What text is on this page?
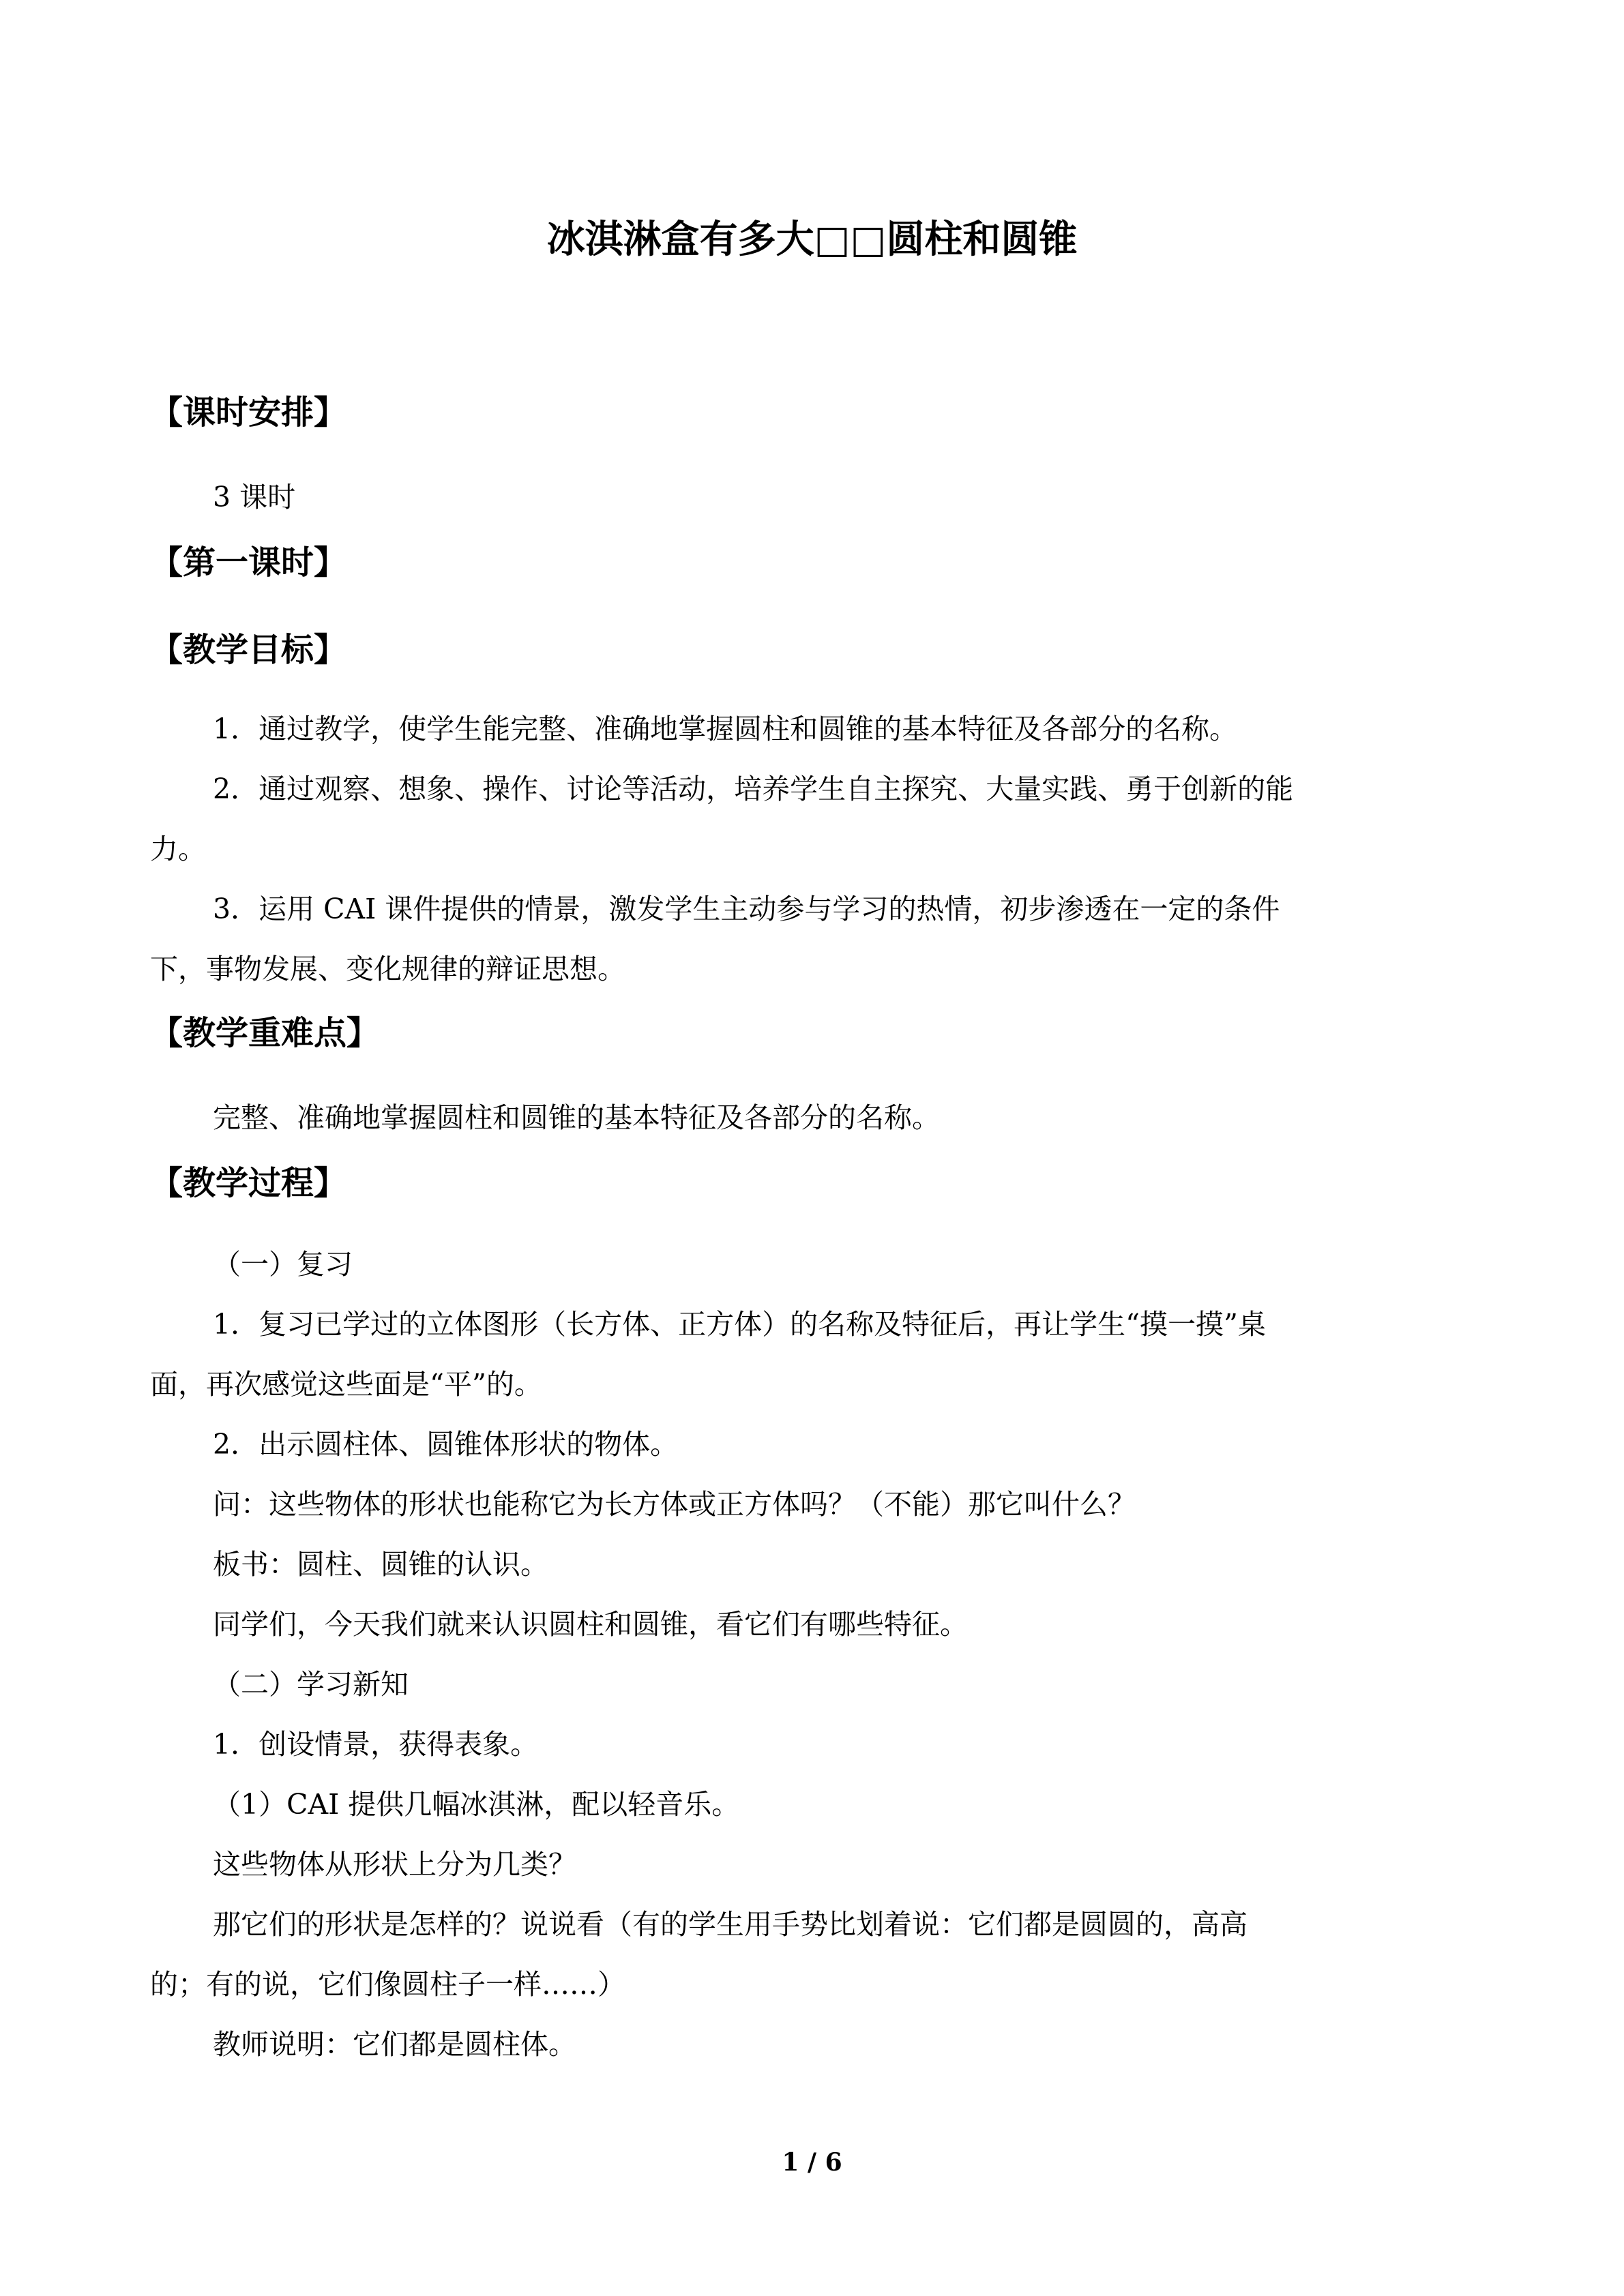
冰淇淋盒有多大□□圆柱和圆锥
【课时安排】
3 课时
【第一课时】
【教学目标】
1．通过教学，使学生能完整、准确地掌握圆柱和圆锥的基本特征及各部分的名称。
2．通过观察、想象、操作、讨论等活动，培养学生自主探究、大量实践、勇于创新的能
力。
3．运用 CAI 课件提供的情景，激发学生主动参与学习的热情，初步渗透在一定的条件
下，事物发展、变化规律的辩证思想。
【教学重难点】
完整、准确地掌握圆柱和圆锥的基本特征及各部分的名称。
【教学过程】
（一）复习
1．复习已学过的立体图形（长方体、正方体）的名称及特征后，再让学生“摸一摸”桌
面，再次感觉这些面是“平”的。
2．出示圆柱体、圆锥体形状的物体。
问：这些物体的形状也能称它为长方体或正方体吗？（不能）那它叫什么？
板书：圆柱、圆锥的认识。
同学们，今天我们就来认识圆柱和圆锥，看它们有哪些特征。
（二）学习新知
1．创设情景，获得表象。
（1）CAI 提供几幅冰淇淋，配以轻音乐。
这些物体从形状上分为几类？
那它们的形状是怎样的？说说看（有的学生用手势比划着说：它们都是圆圆的，高高
的；有的说，它们像圆柱子一样……）
教师说明：它们都是圆柱体。
1 / 6
